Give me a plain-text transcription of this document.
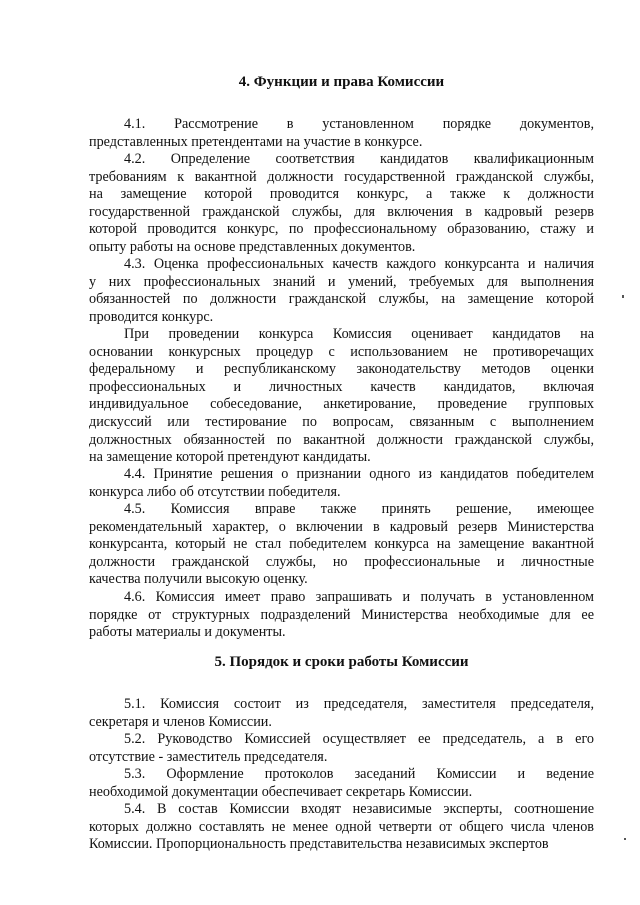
4. Функции и права Комиссии
4.1. Рассмотрение в установленном порядке документов,
представленных претендентами на участие в конкурсе.
4.2. Определение соответствия кандидатов квалификационным
требованиям к вакантной должности государственной гражданской службы,
на замещение которой проводится конкурс, а также к должности
государственной гражданской службы, для включения в кадровый резерв
которой проводится конкурс, по профессиональному образованию, стажу и
опыту работы на основе представленных документов.
4.3. Оценка профессиональных качеств каждого конкурсанта и наличия
у них профессиональных знаний и умений, требуемых для выполнения
обязанностей по должности гражданской службы, на замещение которой
проводится конкурс.
При проведении конкурса Комиссия оценивает кандидатов на
основании конкурсных процедур с использованием не противоречащих
федеральному и республиканскому законодательству методов оценки
профессиональных и личностных качеств кандидатов, включая
индивидуальное собеседование, анкетирование, проведение групповых
дискуссий или тестирование по вопросам, связанным с выполнением
должностных обязанностей по вакантной должности гражданской службы,
на замещение которой претендуют кандидаты.
4.4. Принятие решения о признании одного из кандидатов победителем
конкурса либо об отсутствии победителя.
4.5. Комиссия вправе также принять решение, имеющее
рекомендательный характер, о включении в кадровый резерв Министерства
конкурсанта, который не стал победителем конкурса на замещение вакантной
должности гражданской службы, но профессиональные и личностные
качества получили высокую оценку.
4.6. Комиссия имеет право запрашивать и получать в установленном
порядке от структурных подразделений Министерства необходимые для ее
работы материалы и документы.
5. Порядок и сроки работы Комиссии
5.1. Комиссия состоит из председателя, заместителя председателя,
секретаря и членов Комиссии.
5.2. Руководство Комиссией осуществляет ее председатель, а в его
отсутствие - заместитель председателя.
5.3. Оформление протоколов заседаний Комиссии и ведение
необходимой документации обеспечивает секретарь Комиссии.
5.4. В состав Комиссии входят независимые эксперты, соотношение
которых должно составлять не менее одной четверти от общего числа членов
Комиссии. Пропорциональность представительства независимых экспертов
